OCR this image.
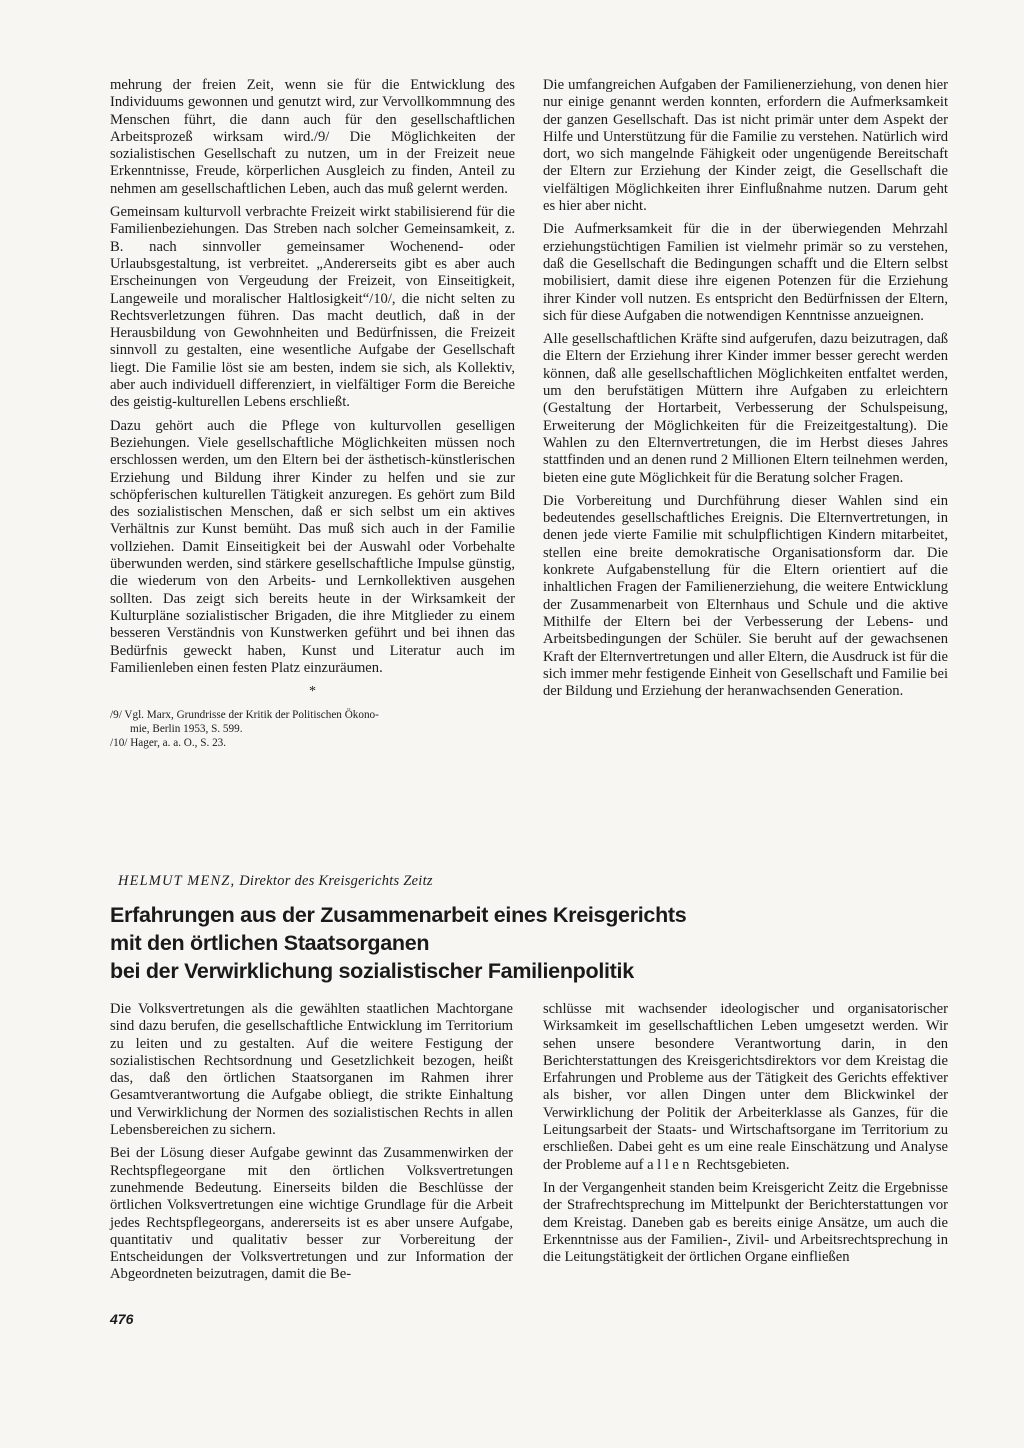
mehrung der freien Zeit, wenn sie für die Entwicklung des Individuums gewonnen und genutzt wird, zur Vervollkommnung des Menschen führt, die dann auch für den gesellschaftlichen Arbeitsprozeß wirksam wird./9/ Die Möglichkeiten der sozialistischen Gesellschaft zu nutzen, um in der Freizeit neue Erkenntnisse, Freude, körperlichen Ausgleich zu finden, Anteil zu nehmen am gesellschaftlichen Leben, auch das muß gelernt werden.

Gemeinsam kulturvoll verbrachte Freizeit wirkt stabilisierend für die Familienbeziehungen. Das Streben nach solcher Gemeinsamkeit, z. B. nach sinnvoller gemeinsamer Wochenend- oder Urlaubsgestaltung, ist verbreitet. „Andererseits gibt es aber auch Erscheinungen von Vergeudung der Freizeit, von Einseitigkeit, Langeweile und moralischer Haltlosigkeit“/10/, die nicht selten zu Rechtsverletzungen führen. Das macht deutlich, daß in der Herausbildung von Gewohnheiten und Bedürfnissen, die Freizeit sinnvoll zu gestalten, eine wesentliche Aufgabe der Gesellschaft liegt. Die Familie löst sie am besten, indem sie sich, als Kollektiv, aber auch individuell differenziert, in vielfältiger Form die Bereiche des geistig-kulturellen Lebens erschließt.

Dazu gehört auch die Pflege von kulturvollen geselligen Beziehungen. Viele gesellschaftliche Möglichkeiten müssen noch erschlossen werden, um den Eltern bei der ästhetisch-künstlerischen Erziehung und Bildung ihrer Kinder zu helfen und sie zur schöpferischen kulturellen Tätigkeit anzuregen. Es gehört zum Bild des sozialistischen Menschen, daß er sich selbst um ein aktives Verhältnis zur Kunst bemüht. Das muß sich auch in der Familie vollziehen. Damit Einseitigkeit bei der Auswahl oder Vorbehalte überwunden werden, sind stärkere gesellschaftliche Impulse günstig, die wiederum von den Arbeits- und Lernkollektiven ausgehen sollten. Das zeigt sich bereits heute in der Wirksamkeit der Kulturpläne sozialistischer Brigaden, die ihre Mitglieder zu einem besseren Verständnis von Kunstwerken geführt und bei ihnen das Bedürfnis geweckt haben, Kunst und Literatur auch im Familienleben einen festen Platz einzuräumen.

*
/9/ Vgl. Marx, Grundrisse der Kritik der Politischen Ökono-
mie, Berlin 1953, S. 599.
/10/ Hager, a. a. O., S. 23.

Die umfangreichen Aufgaben der Familienerziehung, von denen hier nur einige genannt werden konnten, erfordern die Aufmerksamkeit der ganzen Gesellschaft. Das ist nicht primär unter dem Aspekt der Hilfe und Unterstützung für die Familie zu verstehen. Natürlich wird dort, wo sich mangelnde Fähigkeit oder ungenügende Bereitschaft der Eltern zur Erziehung der Kinder zeigt, die Gesellschaft die vielfältigen Möglichkeiten ihrer Einflußnahme nutzen. Darum geht es hier aber nicht.

Die Aufmerksamkeit für die in der überwiegenden Mehrzahl erziehungstüchtigen Familien ist vielmehr primär so zu verstehen, daß die Gesellschaft die Bedingungen schafft und die Eltern selbst mobilisiert, damit diese ihre eigenen Potenzen für die Erziehung ihrer Kinder voll nutzen. Es entspricht den Bedürfnissen der Eltern, sich für diese Aufgaben die notwendigen Kenntnisse anzueignen.

Alle gesellschaftlichen Kräfte sind aufgerufen, dazu beizutragen, daß die Eltern der Erziehung ihrer Kinder immer besser gerecht werden können, daß alle gesellschaftlichen Möglichkeiten entfaltet werden, um den berufstätigen Müttern ihre Aufgaben zu erleichtern (Gestaltung der Hortarbeit, Verbesserung der Schulspeisung, Erweiterung der Möglichkeiten für die Freizeitgestaltung). Die Wahlen zu den Elternvertretungen, die im Herbst dieses Jahres stattfinden und an denen rund 2 Millionen Eltern teilnehmen werden, bieten eine gute Möglichkeit für die Beratung solcher Fragen.

Die Vorbereitung und Durchführung dieser Wahlen sind ein bedeutendes gesellschaftliches Ereignis. Die Elternvertretungen, in denen jede vierte Familie mit schulpflichtigen Kindern mitarbeitet, stellen eine breite demokratische Organisationsform dar. Die konkrete Aufgabenstellung für die Eltern orientiert auf die inhaltlichen Fragen der Familienerziehung, die weitere Entwicklung der Zusammenarbeit von Elternhaus und Schule und die aktive Mithilfe der Eltern bei der Verbesserung der Lebens- und Arbeitsbedingungen der Schüler. Sie beruht auf der gewachsenen Kraft der Elternvertretungen und aller Eltern, die Ausdruck ist für die sich immer mehr festigende Einheit von Gesellschaft und Familie bei der Bildung und Erziehung der heranwachsenden Generation.

HELMUT MENZ, Direktor des Kreisgerichts Zeitz
Erfahrungen aus der Zusammenarbeit eines Kreisgerichts
mit den örtlichen Staatsorganen
bei der Verwirklichung sozialistischer Familienpolitik

Die Volksvertretungen als die gewählten staatlichen Machtorgane sind dazu berufen, die gesellschaftliche Entwicklung im Territorium zu leiten und zu gestalten. Auf die weitere Festigung der sozialistischen Rechtsordnung und Gesetzlichkeit bezogen, heißt das, daß den örtlichen Staatsorganen im Rahmen ihrer Gesamtverantwortung die Aufgabe obliegt, die strikte Einhaltung und Verwirklichung der Normen des sozialistischen Rechts in allen Lebensbereichen zu sichern.

Bei der Lösung dieser Aufgabe gewinnt das Zusammenwirken der Rechtspflegeorgane mit den örtlichen Volksvertretungen zunehmende Bedeutung. Einerseits bilden die Beschlüsse der örtlichen Volksvertretungen eine wichtige Grundlage für die Arbeit jedes Rechtspflegeorgans, andererseits ist es aber unsere Aufgabe, quantitativ und qualitativ besser zur Vorbereitung der Entscheidungen der Volksvertretungen und zur Information der Abgeordneten beizutragen, damit die Be-

schlüsse mit wachsender ideologischer und organisatorischer Wirksamkeit im gesellschaftlichen Leben umgesetzt werden. Wir sehen unsere besondere Verantwortung darin, in den Berichterstattungen des Kreisgerichtsdirektors vor dem Kreistag die Erfahrungen und Probleme aus der Tätigkeit des Gerichts effektiver als bisher, vor allen Dingen unter dem Blickwinkel der Verwirklichung der Politik der Arbeiterklasse als Ganzes, für die Leitungsarbeit der Staats- und Wirtschaftsorgane im Territorium zu erschließen. Dabei geht es um eine reale Einschätzung und Analyse der Probleme auf allen Rechtsgebieten.

In der Vergangenheit standen beim Kreisgericht Zeitz die Ergebnisse der Strafrechtsprechung im Mittelpunkt der Berichterstattungen vor dem Kreistag. Daneben gab es bereits einige Ansätze, um auch die Erkenntnisse aus der Familien-, Zivil- und Arbeitsrechtsprechung in die Leitungstätigkeit der örtlichen Organe einfließen

476
